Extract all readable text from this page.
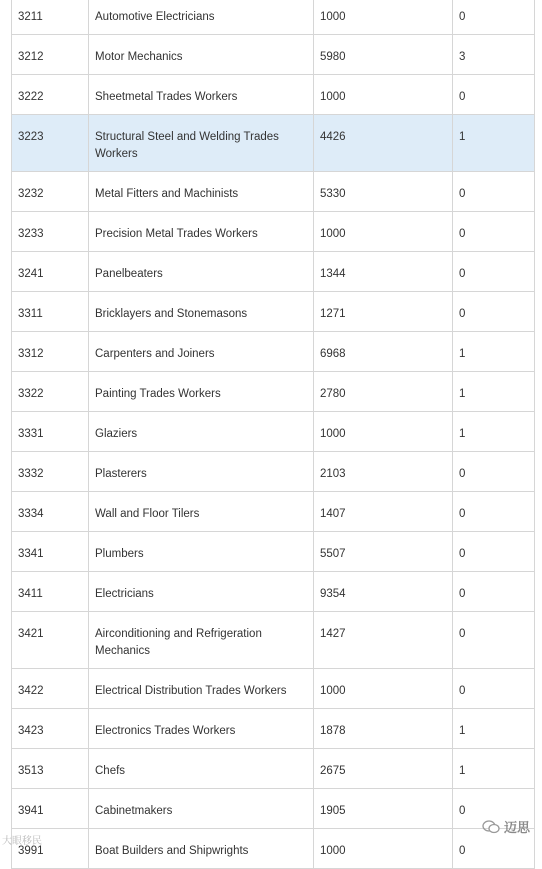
3211	Automotive Electricians	1000	0
3212	Motor Mechanics	5980	3
3222	Sheetmetal Trades Workers	1000	0
3223	Structural Steel and Welding Trades Workers	4426	1
3232	Metal Fitters and Machinists	5330	0
3233	Precision Metal Trades Workers	1000	0
3241	Panelbeaters	1344	0
3311	Bricklayers and Stonemasons	1271	0
3312	Carpenters and Joiners	6968	1
3322	Painting Trades Workers	2780	1
3331	Glaziers	1000	1
3332	Plasterers	2103	0
3334	Wall and Floor Tilers	1407	0
3341	Plumbers	5507	0
3411	Electricians	9354	0
3421	Airconditioning and Refrigeration Mechanics	1427	0
3422	Electrical Distribution Trades Workers	1000	0
3423	Electronics Trades Workers	1878	1
3513	Chefs	2675	1
3941	Cabinetmakers	1905	0
3991	Boat Builders and Shipwrights	1000	0
大眼移民
迈思
